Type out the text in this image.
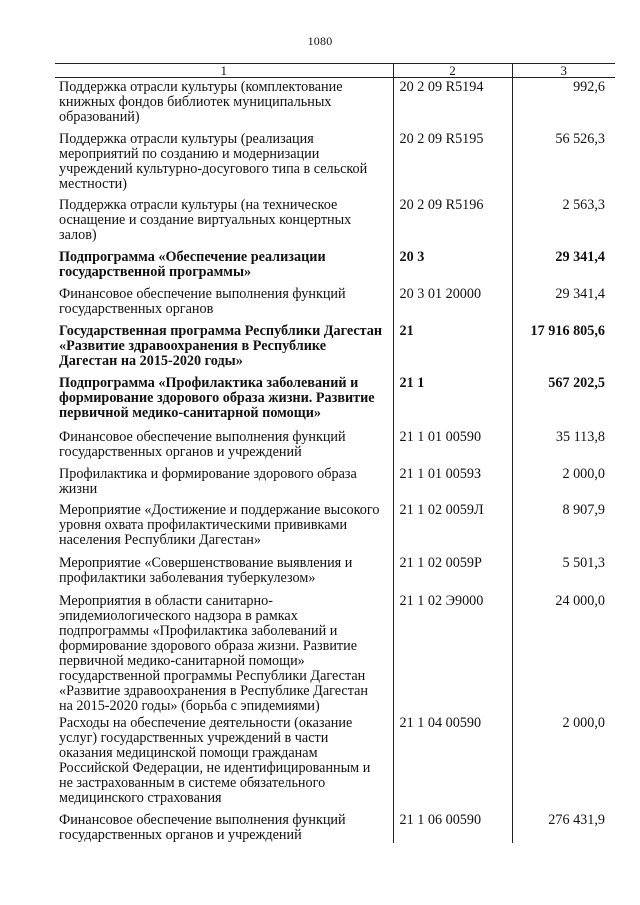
1080
1	2	3
Поддержка отрасли культуры (комплектование книжных фондов библиотек муниципальных образований)	20 2 09 R5194	992,6
Поддержка отрасли культуры (реализация мероприятий по созданию и модернизации учреждений культурно-досугового типа в сельской местности)	20 2 09 R5195	56 526,3
Поддержка отрасли культуры (на техническое оснащение и создание виртуальных концертных залов)	20 2 09 R5196	2 563,3
Подпрограмма «Обеспечение реализации государственной программы»	20 3	29 341,4
Финансовое обеспечение выполнения функций государственных органов	20 3 01 20000	29 341,4
Государственная программа Республики Дагестан «Развитие здравоохранения в Республике Дагестан на 2015-2020 годы»	21	17 916 805,6
Подпрограмма «Профилактика заболеваний и формирование здорового образа жизни. Развитие первичной медико-санитарной помощи»	21 1	567 202,5
Финансовое обеспечение выполнения функций государственных органов и учреждений	21 1 01 00590	35 113,8
Профилактика и формирование здорового образа жизни	21 1 01 0059З	2 000,0
Мероприятие «Достижение и поддержание высокого уровня охвата профилактическими прививками населения Республики Дагестан»	21 1 02 0059Л	8 907,9
Мероприятие «Совершенствование выявления и профилактики заболевания туберкулезом»	21 1 02 0059Р	5 501,3
Мероприятия в области санитарно-эпидемиологического надзора в рамках подпрограммы «Профилактика заболеваний и формирование здорового образа жизни. Развитие первичной медико-санитарной помощи» государственной программы Республики Дагестан «Развитие здравоохранения в Республике Дагестан на 2015-2020 годы» (борьба с эпидемиями)	21 1 02 Э9000	24 000,0
Расходы на обеспечение деятельности (оказание услуг) государственных учреждений в части оказания медицинской помощи гражданам Российской Федерации, не идентифицированным и не застрахованным в системе обязательного медицинского страхования	21 1 04 00590	2 000,0
Финансовое обеспечение выполнения функций государственных органов и учреждений	21 1 06 00590	276 431,9
